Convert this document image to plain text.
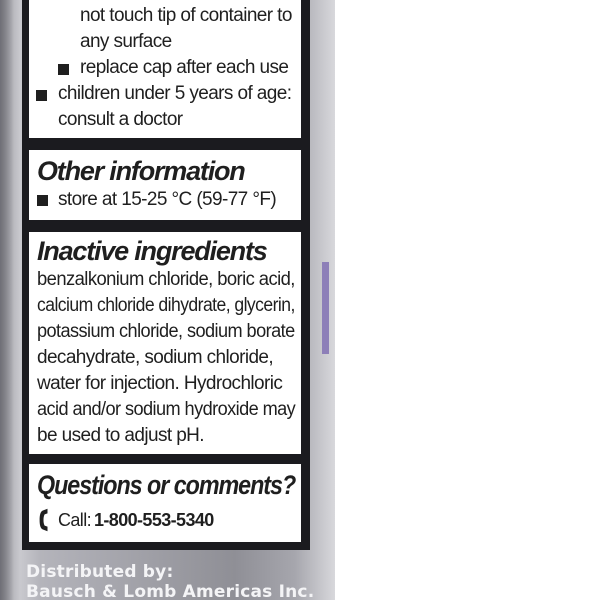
not touch tip of container to
any surface
replace cap after each use
children under 5 years of age:
consult a doctor
Other information
store at 15-25 °C (59-77 °F)
Inactive ingredients
benzalkonium chloride, boric acid,
calcium chloride dihydrate, glycerin,
potassium chloride, sodium borate
decahydrate, sodium chloride,
water for injection. Hydrochloric
acid and/or sodium hydroxide may
be used to adjust pH.
Questions or comments?
Call: 1-800-553-5340
Distributed by:
Bausch & Lomb Americas Inc.
